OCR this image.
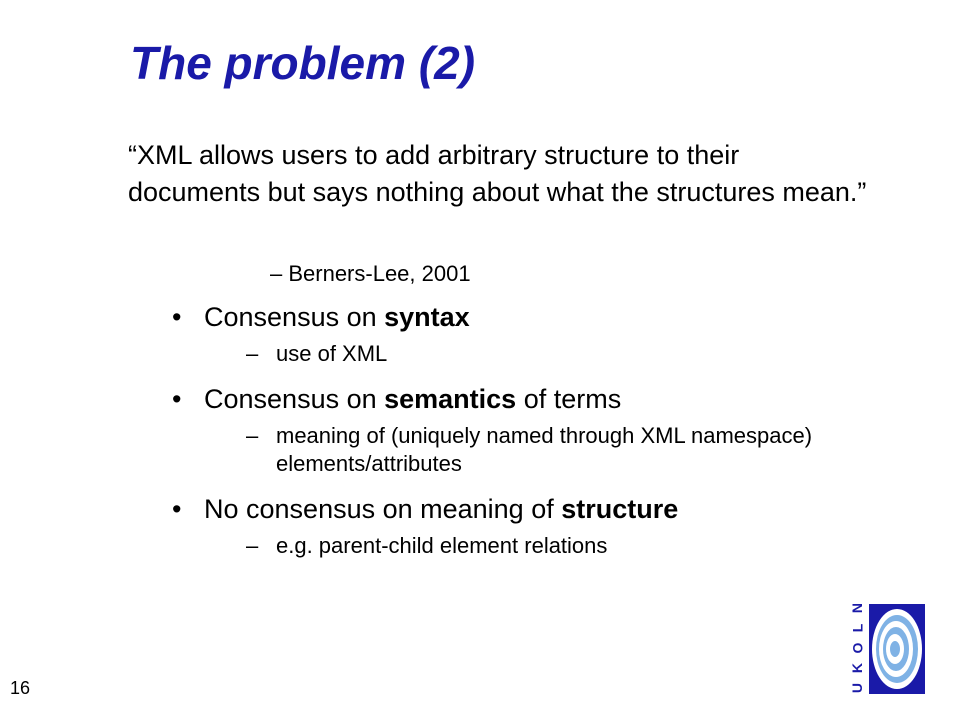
The problem (2)
“XML allows users to add arbitrary structure to their documents but says nothing about what the structures mean.”
– Berners-Lee, 2001
• Consensus on syntax
– use of XML
• Consensus on semantics of terms
– meaning of (uniquely named through XML namespace) elements/attributes
• No consensus on meaning of structure
– e.g. parent-child element relations
16
N
L
O
K
U
